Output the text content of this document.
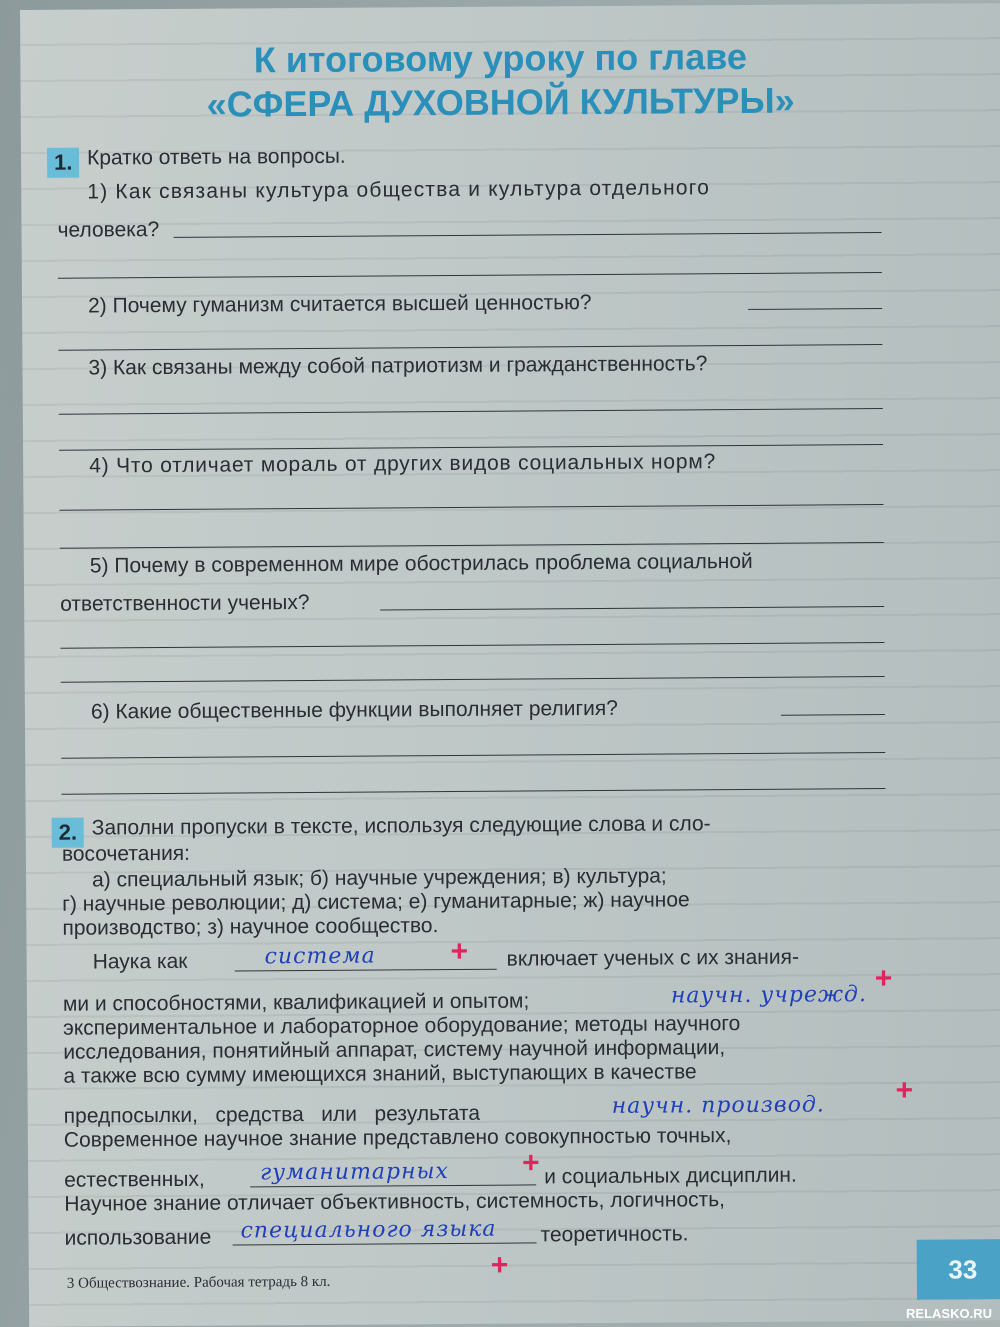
К итоговому уроку по главе
«СФЕРА ДУХОВНОЙ КУЛЬТУРЫ»
1. Кратко ответь на вопросы.
1) Как связаны культура общества и культура отдельного
человека?
2) Почему гуманизм считается высшей ценностью?
3) Как связаны между собой патриотизм и гражданственность?
4) Что отличает мораль от других видов социальных норм?
5) Почему в современном мире обострилась проблема социальной
ответственности ученых?
6) Какие общественные функции выполняет религия?
2. Заполни пропуски в тексте, используя следующие слова и сло-
восочетания:
а) специальный язык; б) научные учреждения; в) культура;
г) научные революции; д) система; е) гуманитарные; ж) научное
производство; з) научное сообщество.
Наука как	система + включает ученых с их знания-
ми и способностями, квалификацией и опытом;	научн. учрежд.
+
экспериментальное и лабораторное оборудование; методы научного
исследования, понятийный аппарат, систему научной информации,
а также всю сумму имеющихся знаний, выступающих в качестве
предпосылки,   средства   или   результата	научн. производ. +
Современное научное знание представлено совокупностью точных,
естественных,	гуманитарных + и социальных дисциплин.
Научное знание отличает объективность, системность, логичность,
использование специального языка теоретичность.
+
3 Обществознание. Рабочая тетрадь 8 кл.	33
RELASKO.RU
